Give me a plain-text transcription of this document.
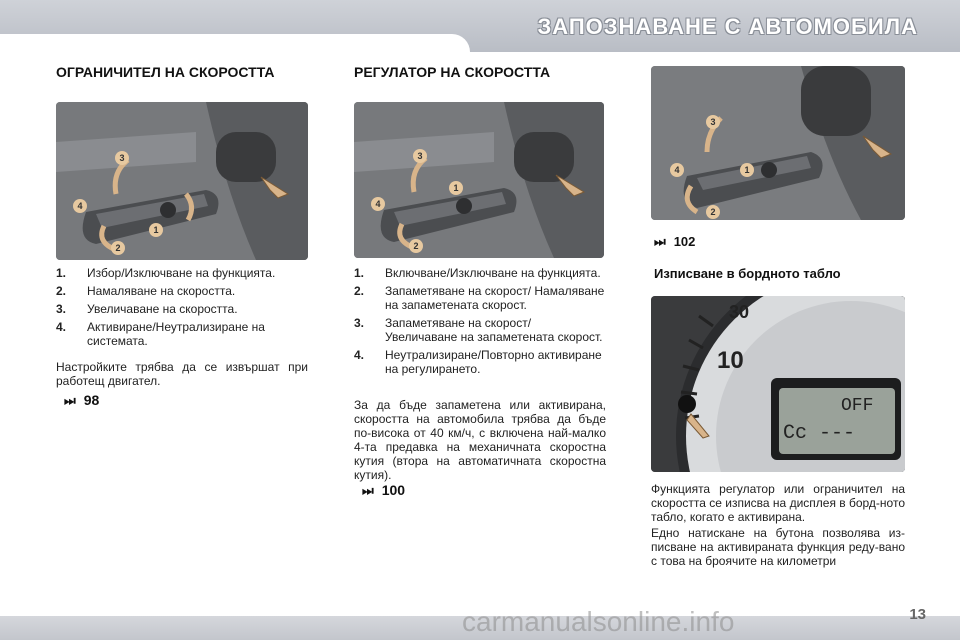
ЗАПОЗНАВАНЕ С АВТОМОБИЛА
ОГРАНИЧИТЕЛ НА СКОРОСТТА
1
2
3
4
1. Избор/Изключване на функцията.
2. Намаляване на скоростта.
3. Увеличаване на скоростта.
4. Активиране/Неутрализиране на системата.
Настройките трябва да се извършат при работещ двигател.
⏭ 98
РЕГУЛАТОР НА СКОРОСТТА
1
2
3
4
1. Включване/Изключване на функцията.
2. Запаметяване на скорост/ Намаляване на запаметената скорост.
3. Запаметяване на скорост/ Увеличаване на запаметената скорост.
4. Неутрализиране/Повторно активиране на регулирането.
За да бъде запаметена или активирана, скоростта на автомобила трябва да бъде по-висока от 40 км/ч, с включена най-малко 4-та предавка на механичната скоростна кутия (втора на автоматичната скоростна кутия).
⏭ 100
1
2
3
4
⏭ 102
Изписване в бордното табло
30
10
OFF
Cc ---
Функцията регулатор или ограничител на скоростта се изписва на дисплея в борд-ното табло, когато е активирана.
Едно натискане на бутона позволява из-писване на активираната функция реду-вано с това на броячите на километри
13
carmanualsonline.info
